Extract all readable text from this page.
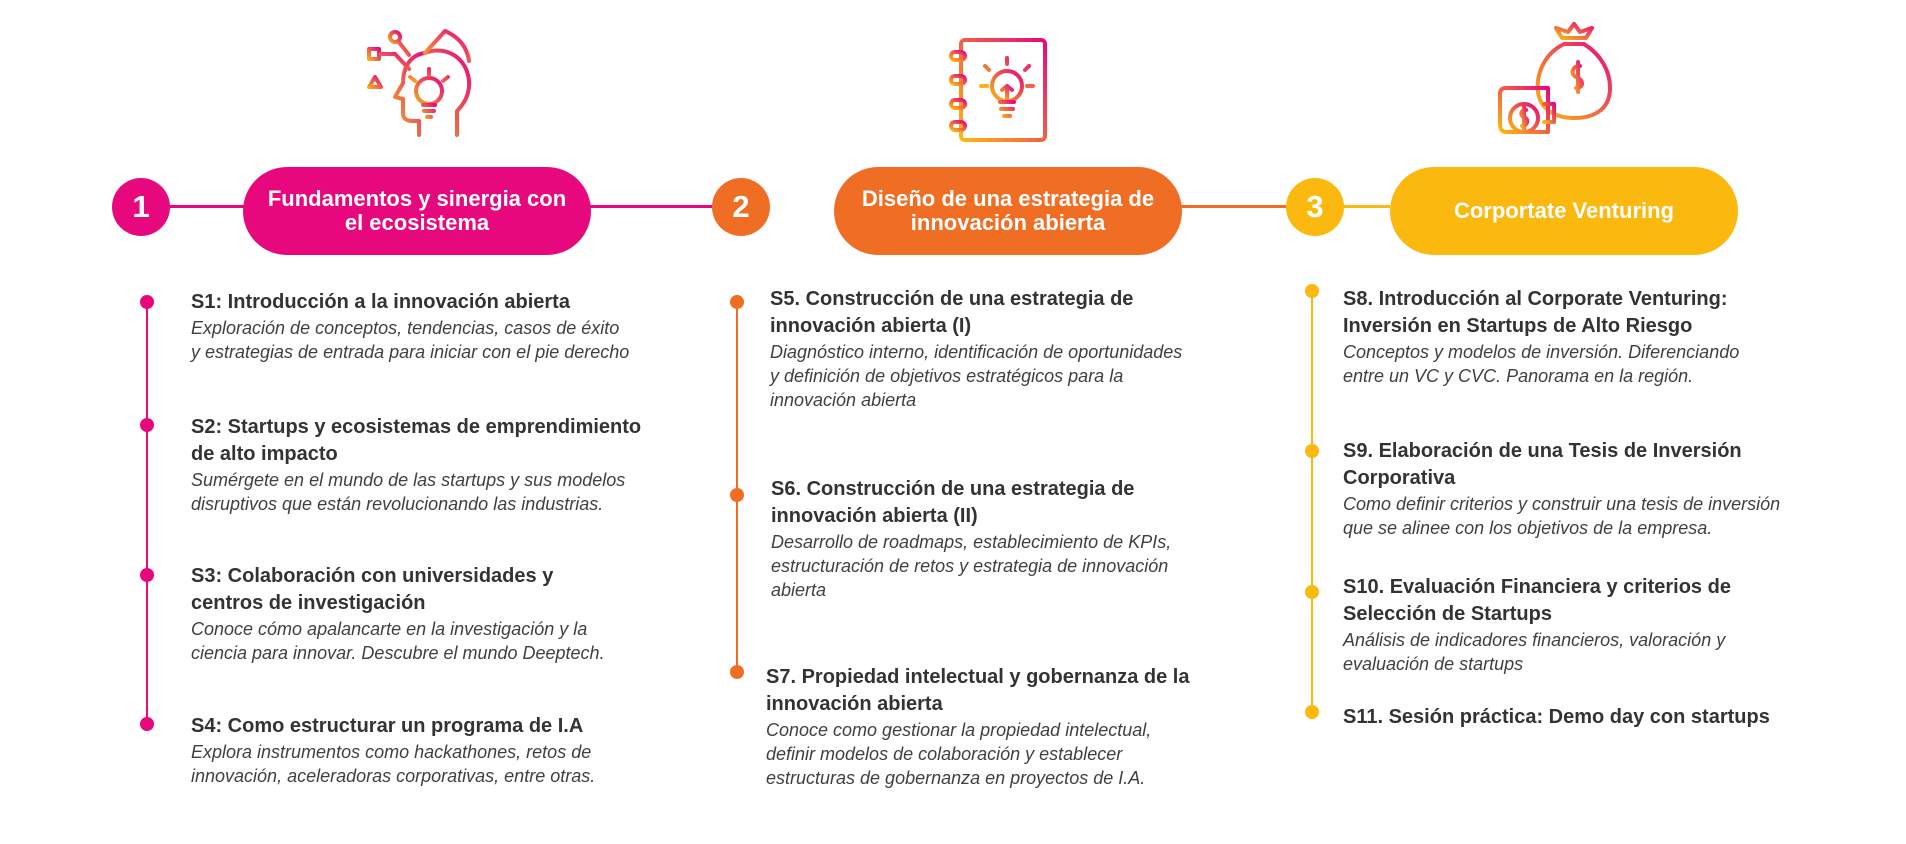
1	Fundamentos y sinergia con el ecosistema
S1: Introducción a la innovación abierta
Exploración de conceptos, tendencias, casos de éxito
y estrategias de entrada para iniciar con el pie derecho
S2: Startups y ecosistemas de emprendimiento
de alto impacto
Sumérgete en el mundo de las startups y sus modelos
disruptivos que están revolucionando las industrias.
S3: Colaboración con universidades y
centros de investigación
Conoce cómo apalancarte en la investigación y la
ciencia para innovar. Descubre el mundo Deeptech.
S4: Como estructurar un programa de I.A
Explora instrumentos como hackathones, retos de
innovación, aceleradoras corporativas, entre otras.
2	Diseño de una estrategia de innovación abierta
S5. Construcción de una estrategia de
innovación abierta (I)
Diagnóstico interno, identificación de oportunidades
y definición de objetivos estratégicos para la
innovación abierta
S6. Construcción de una estrategia de
innovación abierta (II)
Desarrollo de roadmaps, establecimiento de KPIs,
estructuración de retos y estrategia de innovación
abierta
S7. Propiedad intelectual y gobernanza de la
innovación abierta
Conoce como gestionar la propiedad intelectual,
definir modelos de colaboración y establecer
estructuras de gobernanza en proyectos de I.A.
3	Corportate Venturing
S8. Introducción al Corporate Venturing:
Inversión en Startups de Alto Riesgo
Conceptos y modelos de inversión. Diferenciando
entre un VC y CVC. Panorama en la región.
S9. Elaboración de una Tesis de Inversión
Corporativa
Como definir criterios y construir una tesis de inversión
que se alinee con los objetivos de la empresa.
S10. Evaluación Financiera y criterios de
Selección de Startups
Análisis de indicadores financieros, valoración y
evaluación de startups
S11. Sesión práctica: Demo day con startups
